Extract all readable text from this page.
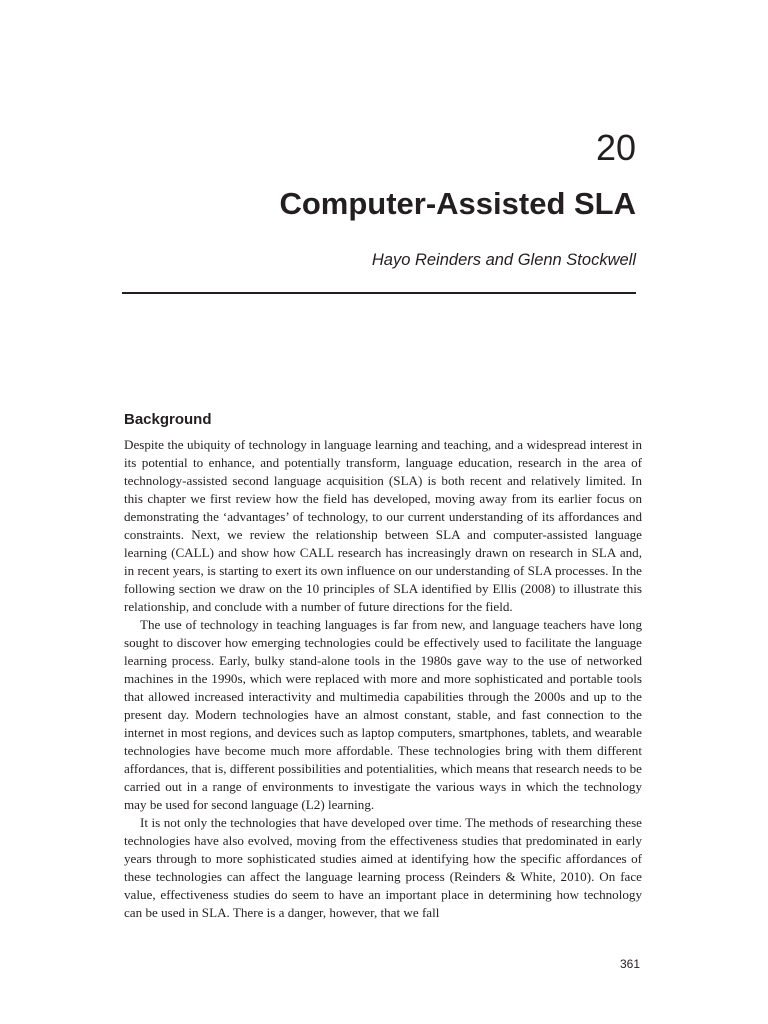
20
Computer-Assisted SLA
Hayo Reinders and Glenn Stockwell
Background

Despite the ubiquity of technology in language learning and teaching, and a widespread interest in its potential to enhance, and potentially transform, language education, research in the area of technology-assisted second language acquisition (SLA) is both recent and relatively limited. In this chapter we first review how the field has developed, moving away from its earlier focus on demonstrating the ‘advantages’ of technology, to our current understanding of its affordances and constraints. Next, we review the relationship between SLA and computer-assisted language learning (CALL) and show how CALL research has increasingly drawn on research in SLA and, in recent years, is starting to exert its own influence on our understanding of SLA processes. In the following section we draw on the 10 principles of SLA identified by Ellis (2008) to illustrate this relationship, and conclude with a number of future directions for the field.

The use of technology in teaching languages is far from new, and language teachers have long sought to discover how emerging technologies could be effectively used to facilitate the language learning process. Early, bulky stand-alone tools in the 1980s gave way to the use of networked machines in the 1990s, which were replaced with more and more sophisticated and portable tools that allowed increased interactivity and multimedia capabilities through the 2000s and up to the present day. Modern technologies have an almost constant, stable, and fast connection to the internet in most regions, and devices such as laptop computers, smartphones, tablets, and wearable technologies have become much more affordable. These technologies bring with them different affordances, that is, different possibilities and potentialities, which means that research needs to be carried out in a range of environments to investigate the various ways in which the technology may be used for second language (L2) learning.

It is not only the technologies that have developed over time. The methods of researching these technologies have also evolved, moving from the effectiveness studies that predominated in early years through to more sophisticated studies aimed at identifying how the specific affordances of these technologies can affect the language learning process (Reinders & White, 2010). On face value, effectiveness studies do seem to have an important place in determining how technology can be used in SLA. There is a danger, however, that we fall

361
